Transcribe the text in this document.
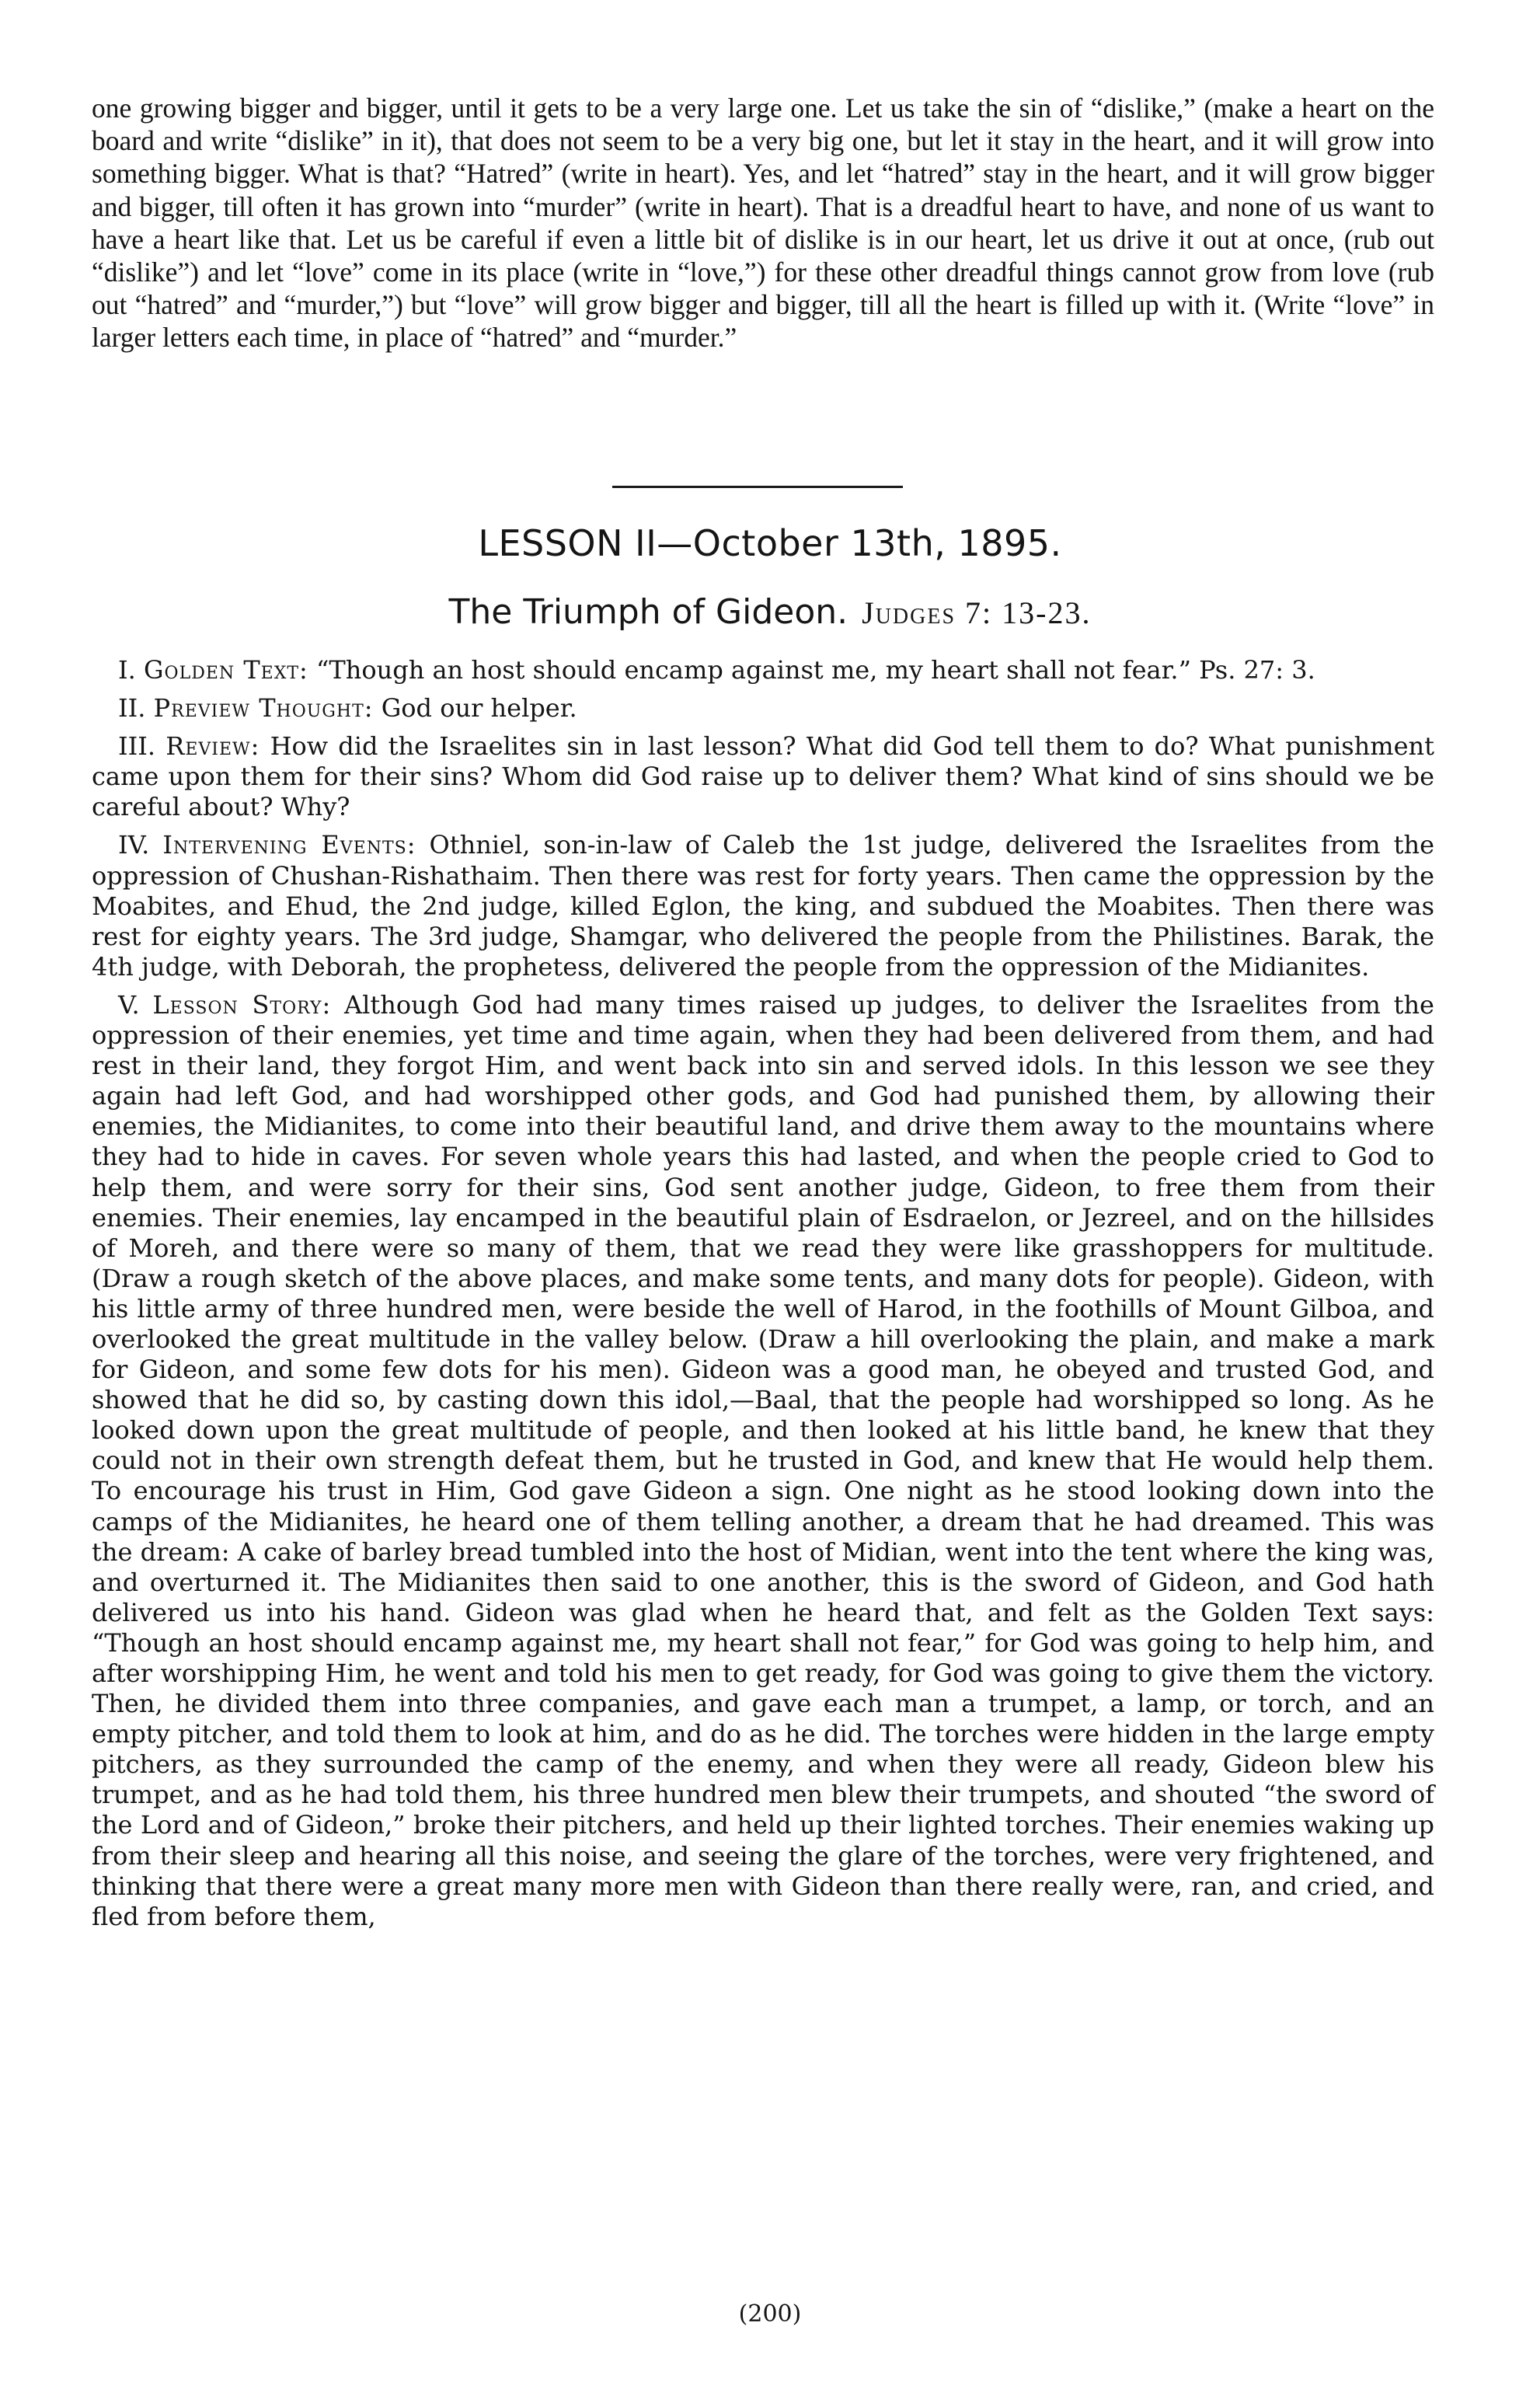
one growing bigger and bigger, until it gets to be a very large one. Let us take the sin of “dislike,” (make a heart on the board and write “dislike” in it), that does not seem to be a very big one, but let it stay in the heart, and it will grow into something bigger. What is that? “Hatred” (write in heart). Yes, and let “hatred” stay in the heart, and it will grow bigger and bigger, till often it has grown into “murder” (write in heart). That is a dreadful heart to have, and none of us want to have a heart like that. Let us be careful if even a little bit of dislike is in our heart, let us drive it out at once, (rub out “dislike”) and let “love” come in its place (write in “love,”) for these other dreadful things cannot grow from love (rub out “hatred” and “murder,”) but “love” will grow bigger and bigger, till all the heart is filled up with it. (Write “love” in larger letters each time, in place of “hatred” and “murder.”

LESSON II—October 13th, 1895.
The Triumph of Gideon. Judges 7: 13-23.

I. Golden Text: “Though an host should encamp against me, my heart shall not fear.” Ps. 27: 3.

II. Preview Thought: God our helper.

III. Review: How did the Israelites sin in last lesson? What did God tell them to do? What punishment came upon them for their sins? Whom did God raise up to deliver them? What kind of sins should we be careful about? Why?

IV. Intervening Events: Othniel, son-in-law of Caleb the 1st judge, delivered the Israelites from the oppression of Chushan-Rishathaim. Then there was rest for forty years. Then came the oppression by the Moabites, and Ehud, the 2nd judge, killed Eglon, the king, and subdued the Moabites. Then there was rest for eighty years. The 3rd judge, Shamgar, who delivered the people from the Philistines. Barak, the 4th judge, with Deborah, the prophetess, delivered the people from the oppression of the Midianites.

V. Lesson Story: Although God had many times raised up judges, to deliver the Israelites from the oppression of their enemies, yet time and time again, when they had been delivered from them, and had rest in their land, they forgot Him, and went back into sin and served idols. In this lesson we see they again had left God, and had worshipped other gods, and God had punished them, by allowing their enemies, the Midianites, to come into their beautiful land, and drive them away to the mountains where they had to hide in caves. For seven whole years this had lasted, and when the people cried to God to help them, and were sorry for their sins, God sent another judge, Gideon, to free them from their enemies. Their enemies, lay encamped in the beautiful plain of Esdraelon, or Jezreel, and on the hillsides of Moreh, and there were so many of them, that we read they were like grasshoppers for multitude. (Draw a rough sketch of the above places, and make some tents, and many dots for people). Gideon, with his little army of three hundred men, were beside the well of Harod, in the foothills of Mount Gilboa, and overlooked the great multitude in the valley below. (Draw a hill overlooking the plain, and make a mark for Gideon, and some few dots for his men). Gideon was a good man, he obeyed and trusted God, and showed that he did so, by casting down this idol,—Baal, that the people had worshipped so long. As he looked down upon the great multitude of people, and then looked at his little band, he knew that they could not in their own strength defeat them, but he trusted in God, and knew that He would help them. To encourage his trust in Him, God gave Gideon a sign. One night as he stood looking down into the camps of the Midianites, he heard one of them telling another, a dream that he had dreamed. This was the dream: A cake of barley bread tumbled into the host of Midian, went into the tent where the king was, and overturned it. The Midianites then said to one another, this is the sword of Gideon, and God hath delivered us into his hand. Gideon was glad when he heard that, and felt as the Golden Text says: “Though an host should encamp against me, my heart shall not fear,” for God was going to help him, and after worshipping Him, he went and told his men to get ready, for God was going to give them the victory. Then, he divided them into three companies, and gave each man a trumpet, a lamp, or torch, and an empty pitcher, and told them to look at him, and do as he did. The torches were hidden in the large empty pitchers, as they surrounded the camp of the enemy, and when they were all ready, Gideon blew his trumpet, and as he had told them, his three hundred men blew their trumpets, and shouted “the sword of the Lord and of Gideon,” broke their pitchers, and held up their lighted torches. Their enemies waking up from their sleep and hearing all this noise, and seeing the glare of the torches, were very frightened, and thinking that there were a great many more men with Gideon than there really were, ran, and cried, and fled from before them,

(200)
